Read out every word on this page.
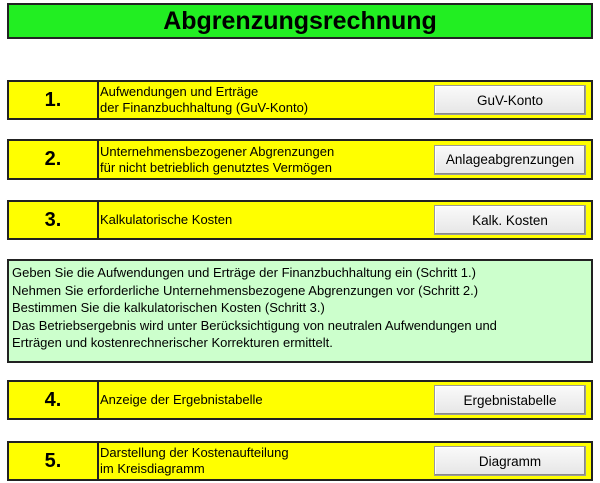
Abgrenzungsrechnung
1.	Aufwendungen und Erträge
der Finanzbuchhaltung (GuV-Konto)	GuV-Konto
2.	Unternehmensbezogener Abgrenzungen
für nicht betrieblich genutztes Vermögen	Anlageabgrenzungen
3.	Kalkulatorische Kosten	Kalk. Kosten
Geben Sie die Aufwendungen und Erträge der Finanzbuchhaltung ein (Schritt 1.)
Nehmen Sie erforderliche Unternehmensbezogene Abgrenzungen vor (Schritt 2.)
Bestimmen Sie die kalkulatorischen Kosten (Schritt 3.)
Das Betriebsergebnis wird unter Berücksichtigung von neutralen Aufwendungen und
Erträgen und kostenrechnerischer Korrekturen ermittelt.
4.	Anzeige der Ergebnistabelle	Ergebnistabelle
5.	Darstellung der Kostenaufteilung
im Kreisdiagramm	Diagramm
